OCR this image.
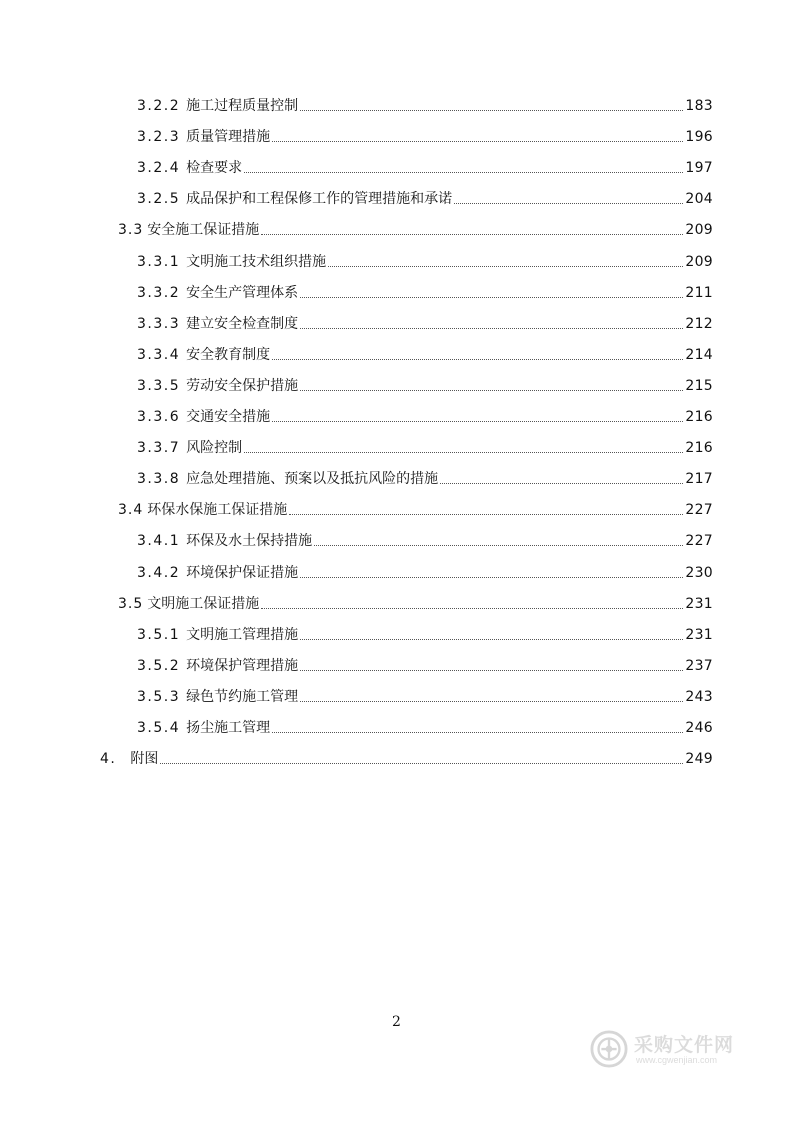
3.2.2 施工过程质量控制	183
3.2.3 质量管理措施	196
3.2.4 检查要求	197
3.2.5 成品保护和工程保修工作的管理措施和承诺	204
3.3 安全施工保证措施	209
3.3.1 文明施工技术组织措施	209
3.3.2 安全生产管理体系	211
3.3.3 建立安全检查制度	212
3.3.4 安全教育制度	214
3.3.5 劳动安全保护措施	215
3.3.6 交通安全措施	216
3.3.7 风险控制	216
3.3.8 应急处理措施、预案以及抵抗风险的措施	217
3.4 环保水保施工保证措施	227
3.4.1 环保及水土保持措施	227
3.4.2 环境保护保证措施	230
3.5 文明施工保证措施	231
3.5.1 文明施工管理措施	231
3.5.2 环境保护管理措施	237
3.5.3 绿色节约施工管理	243
3.5.4 扬尘施工管理	246
4. 附图	249
2
采购文件网
www.cgwenjian.com
